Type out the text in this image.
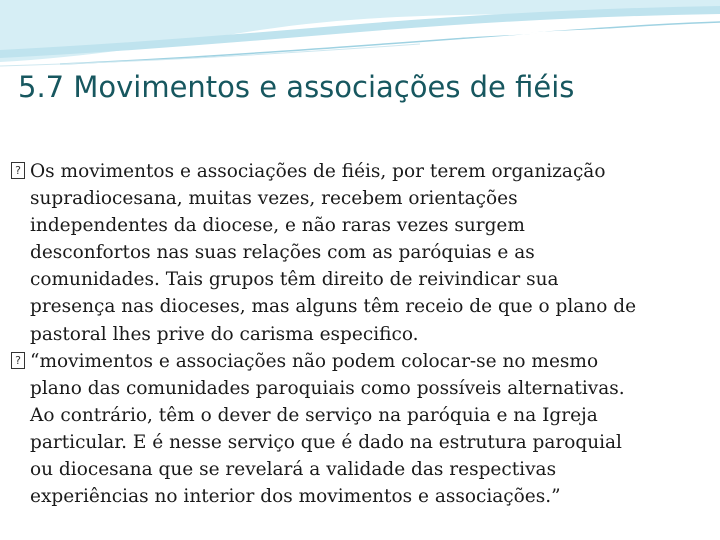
5.7 Movimentos e associações de fiéis
? Os movimentos e associações de fiéis, por terem organização
supradiocesana, muitas vezes, recebem orientações
independentes da diocese, e não raras vezes surgem
desconfortos nas suas relações com as paróquias e as
comunidades. Tais grupos têm direito de reivindicar sua
presença nas dioceses, mas alguns têm receio de que o plano de
pastoral lhes prive do carisma especifico.
? “movimentos e associações não podem colocar-se no mesmo
plano das comunidades paroquiais como possíveis alternativas.
Ao contrário, têm o dever de serviço na paróquia e na Igreja
particular. E é nesse serviço que é dado na estrutura paroquial
ou diocesana que se revelará a validade das respectivas
experiências no interior dos movimentos e associações.”
